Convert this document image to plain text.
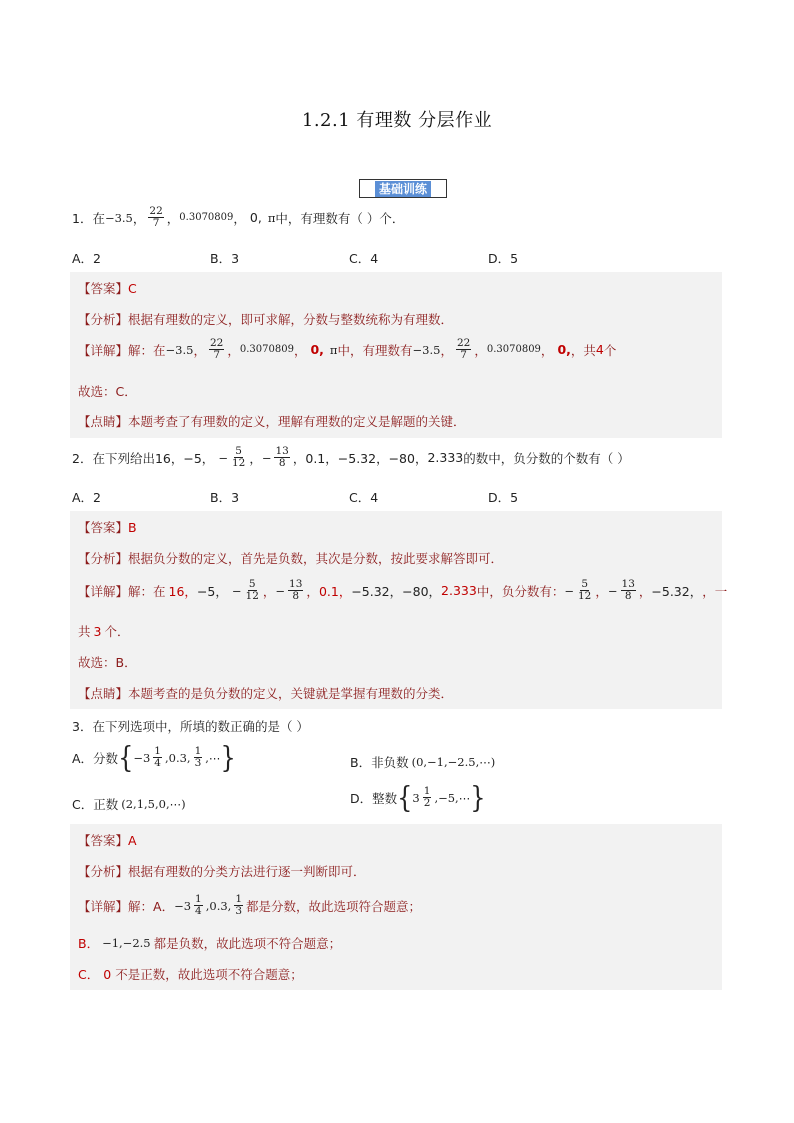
1.2.1 有理数 分层作业
基础训练
1．在 −3.5 ， $\frac{22}{7}$ ， 0.3070809 ， 0, π 中，有理数有（ ）个．
A．2	B．3	C．4	D．5
【答案】 C
【分析】 根据有理数的定义，即可求解，分数与整数统称为有理数．
【详解】 解：在 −3.5 ， $\frac{22}{7}$ ， 0.3070809 ， 0, π 中，有理数有 −3.5 ， $\frac{22}{7}$ ， 0.3070809 ， 0, ，共 4 个
故选：C．
【点睛】 本题考查了有理数的定义，理解有理数的定义是解题的关键．
2．在下列给出 16， −5， − $\frac{5}{12}$ ， − $\frac{13}{8}$ ， 0.1， −5.32， −80， 2.333 的数中，负分数的个数有（ ）
A．2	B．3	C．4	D．5
【答案】 B
【分析】 根据负分数的定义，首先是负数，其次是分数，按此要求解答即可．
【详解】 解：在 16， −5， − $\frac{5}{12}$ ， − $\frac{13}{8}$ ， 0.1， −5.32， −80， 2.333 中，负分数有： − $\frac{5}{12}$ ， − $\frac{13}{8}$ ， −5.32， ，一
共 3 个．
故选：B．
【点睛】 本题考查的是负分数的定义，关键就是掌握有理数的分类．
3．在下列选项中，所填的数正确的是（ ）
A．分数 { $-3 \frac{1}{4}$ , 0.3, $\frac{1}{3}$ ,⋯ }	B．非负数 (0,−1,−2.5,⋯)
C．正数 (2,1,5,0,⋯)	D．整数 { $3 \frac{1}{2}$ ,−5,⋯ }
【答案】 A
【分析】 根据有理数的分类方法进行逐一判断即可．
【详解】 解：A． $-3 \frac{1}{4} ,0.3$, $\frac{1}{3}$ 都是分数，故此选项符合题意；
B． −1,−2.5 都是负数，故此选项不符合题意；
C． 0 不是正数，故此选项不符合题意；
